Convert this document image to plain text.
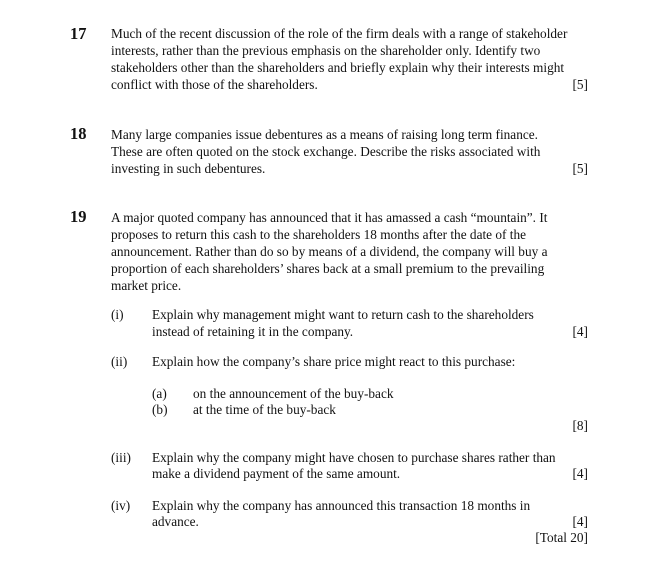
17 Much of the recent discussion of the role of the firm deals with a range of stakeholder
interests, rather than the previous emphasis on the shareholder only. Identify two
stakeholders other than the shareholders and briefly explain why their interests might
conflict with those of the shareholders.	[5]
18 Many large companies issue debentures as a means of raising long term finance.
These are often quoted on the stock exchange. Describe the risks associated with
investing in such debentures.	[5]
19 A major quoted company has announced that it has amassed a cash “mountain”. It
proposes to return this cash to the shareholders 18 months after the date of the
announcement. Rather than do so by means of a dividend, the company will buy a
proportion of each shareholders’ shares back at a small premium to the prevailing
market price.
(i) Explain why management might want to return cash to the shareholders
instead of retaining it in the company.	[4]
(ii) Explain how the company’s share price might react to this purchase:
(a) on the announcement of the buy-back
(b) at the time of the buy-back
[8]
(iii) Explain why the company might have chosen to purchase shares rather than
make a dividend payment of the same amount.	[4]
(iv) Explain why the company has announced this transaction 18 months in
advance.	[4]
[Total 20]
